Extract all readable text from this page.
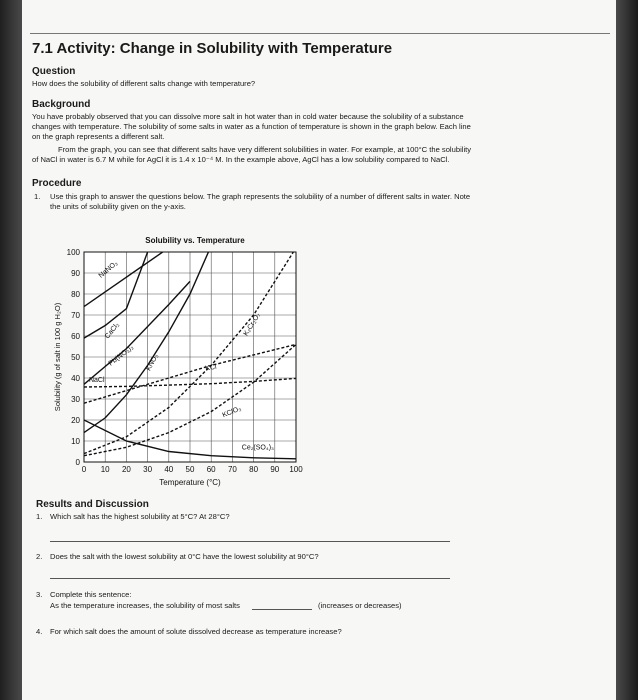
7.1 Activity: Change in Solubility with Temperature
Question
How does the solubility of different salts change with temperature?
Background
You have probably observed that you can dissolve more salt in hot water than in cold water because the solubility of a substance
changes with temperature. The solubility of some salts in water as a function of temperature is shown in the graph below. Each line
on the graph represents a different salt.
From the graph, you can see that different salts have very different solubilities in water. For example, at 100°C the solubility
of NaCl in water is 6.7 M while for AgCl it is 1.4 x 10⁻⁴ M. In the example above, AgCl has a low solubility compared to NaCl.
Procedure
1. Use this graph to answer the questions below. The graph represents the solubility of a number of different salts in water. Note
the units of solubility given on the y-axis.
0
10
20
30
40
50
60
70
80
90
100
0 10 20 30 40 50 60 70 80 90 100
Solubility vs. Temperature
Temperature (°C)
Solubility (g of salt in 100 g H₂O)
NaNO₃
CaCl₂
Pb(NO₃)₂ KNO₃
K₂Cr₂O₇
KCl
NaCl
KClO₃
Ce₂(SO₄)₃
Results and Discussion
1. Which salt has the highest solubility at 5°C? At 28°C?
2. Does the salt with the lowest solubility at 0°C have the lowest solubility at 90°C?
3. Complete this sentence:
As the temperature increases, the solubility of most salts	(increases or decreases)
4. For which salt does the amount of solute dissolved decrease as temperature increase?
